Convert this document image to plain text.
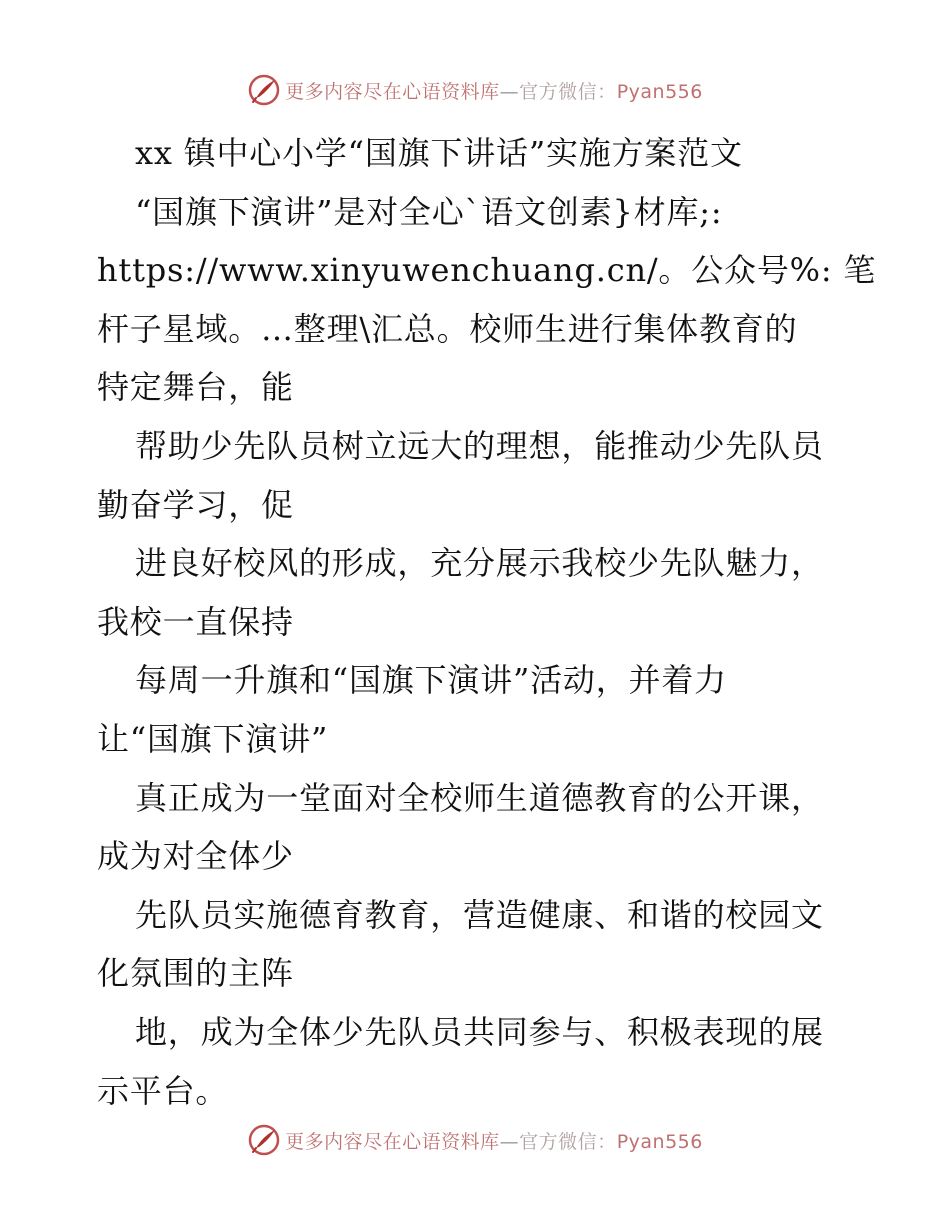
更多内容尽在心语资料库—官方微信：Pyan556
xx 镇中心小学“国旗下讲话”实施方案范文
“国旗下演讲”是对全心`语文创素}材库;:
https://www.xinyuwenchuang.cn/。公众号%: 笔
杆子星域。…整理\汇总。校师生进行集体教育的
特定舞台，能
帮助少先队员树立远大的理想，能推动少先队员
勤奋学习，促
进良好校风的形成，充分展示我校少先队魅力，
我校一直保持
每周一升旗和“国旗下演讲”活动，并着力
让“国旗下演讲”
真正成为一堂面对全校师生道德教育的公开课，
成为对全体少
先队员实施德育教育，营造健康、和谐的校园文
化氛围的主阵
地，成为全体少先队员共同参与、积极表现的展
示平台。
更多内容尽在心语资料库—官方微信：Pyan556
